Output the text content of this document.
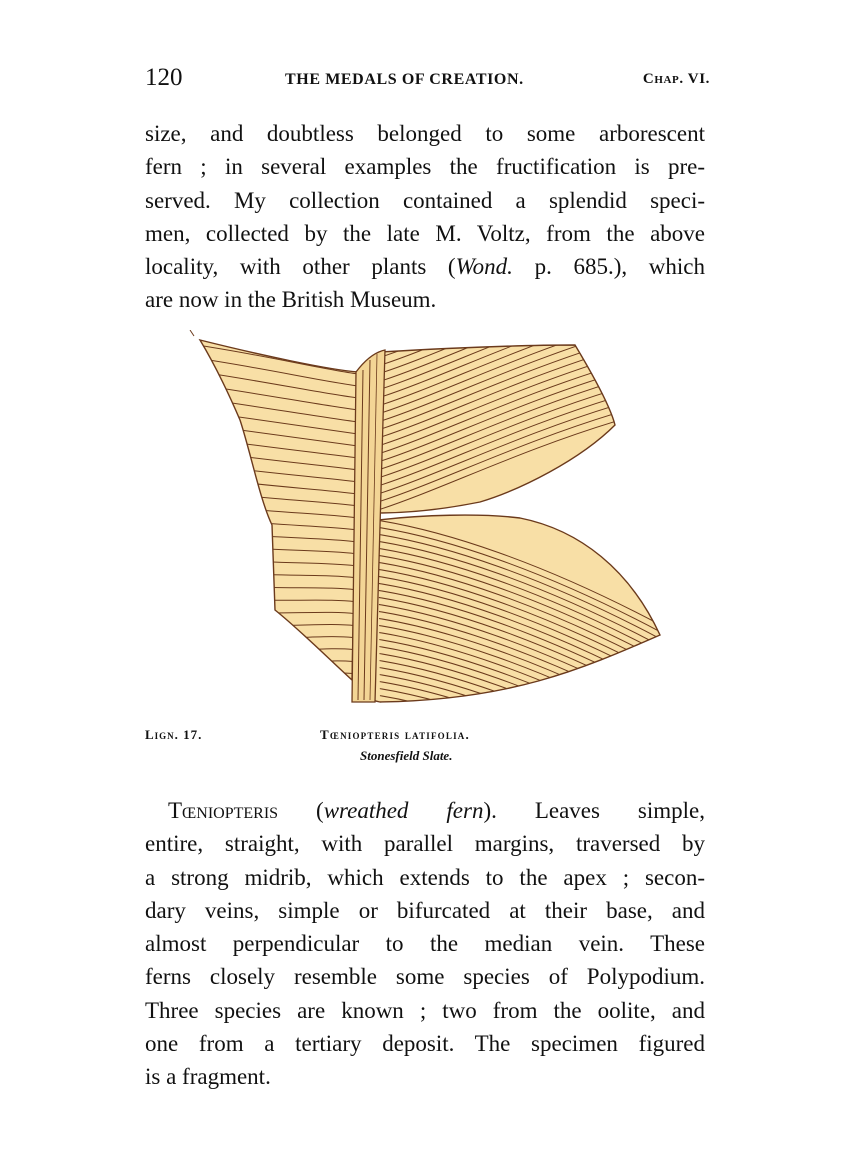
120	THE MEDALS OF CREATION.	Chap. VI.
size, and doubtless belonged to some arborescent
fern ; in several examples the fructification is pre-
served. My collection contained a splendid speci-
men, collected by the late M. Voltz, from the above
locality, with other plants (Wond. p. 685.), which
are now in the British Museum.
Lign. 17.	Tœniopteris latifolia.
Stonesfield Slate.
 Tœniopteris (wreathed fern). Leaves simple,
entire, straight, with parallel margins, traversed by
a strong midrib, which extends to the apex ; secon-
dary veins, simple or bifurcated at their base, and
almost perpendicular to the median vein. These
ferns closely resemble some species of Polypodium.
Three species are known ; two from the oolite, and
one from a tertiary deposit. The specimen figured
is a fragment.
